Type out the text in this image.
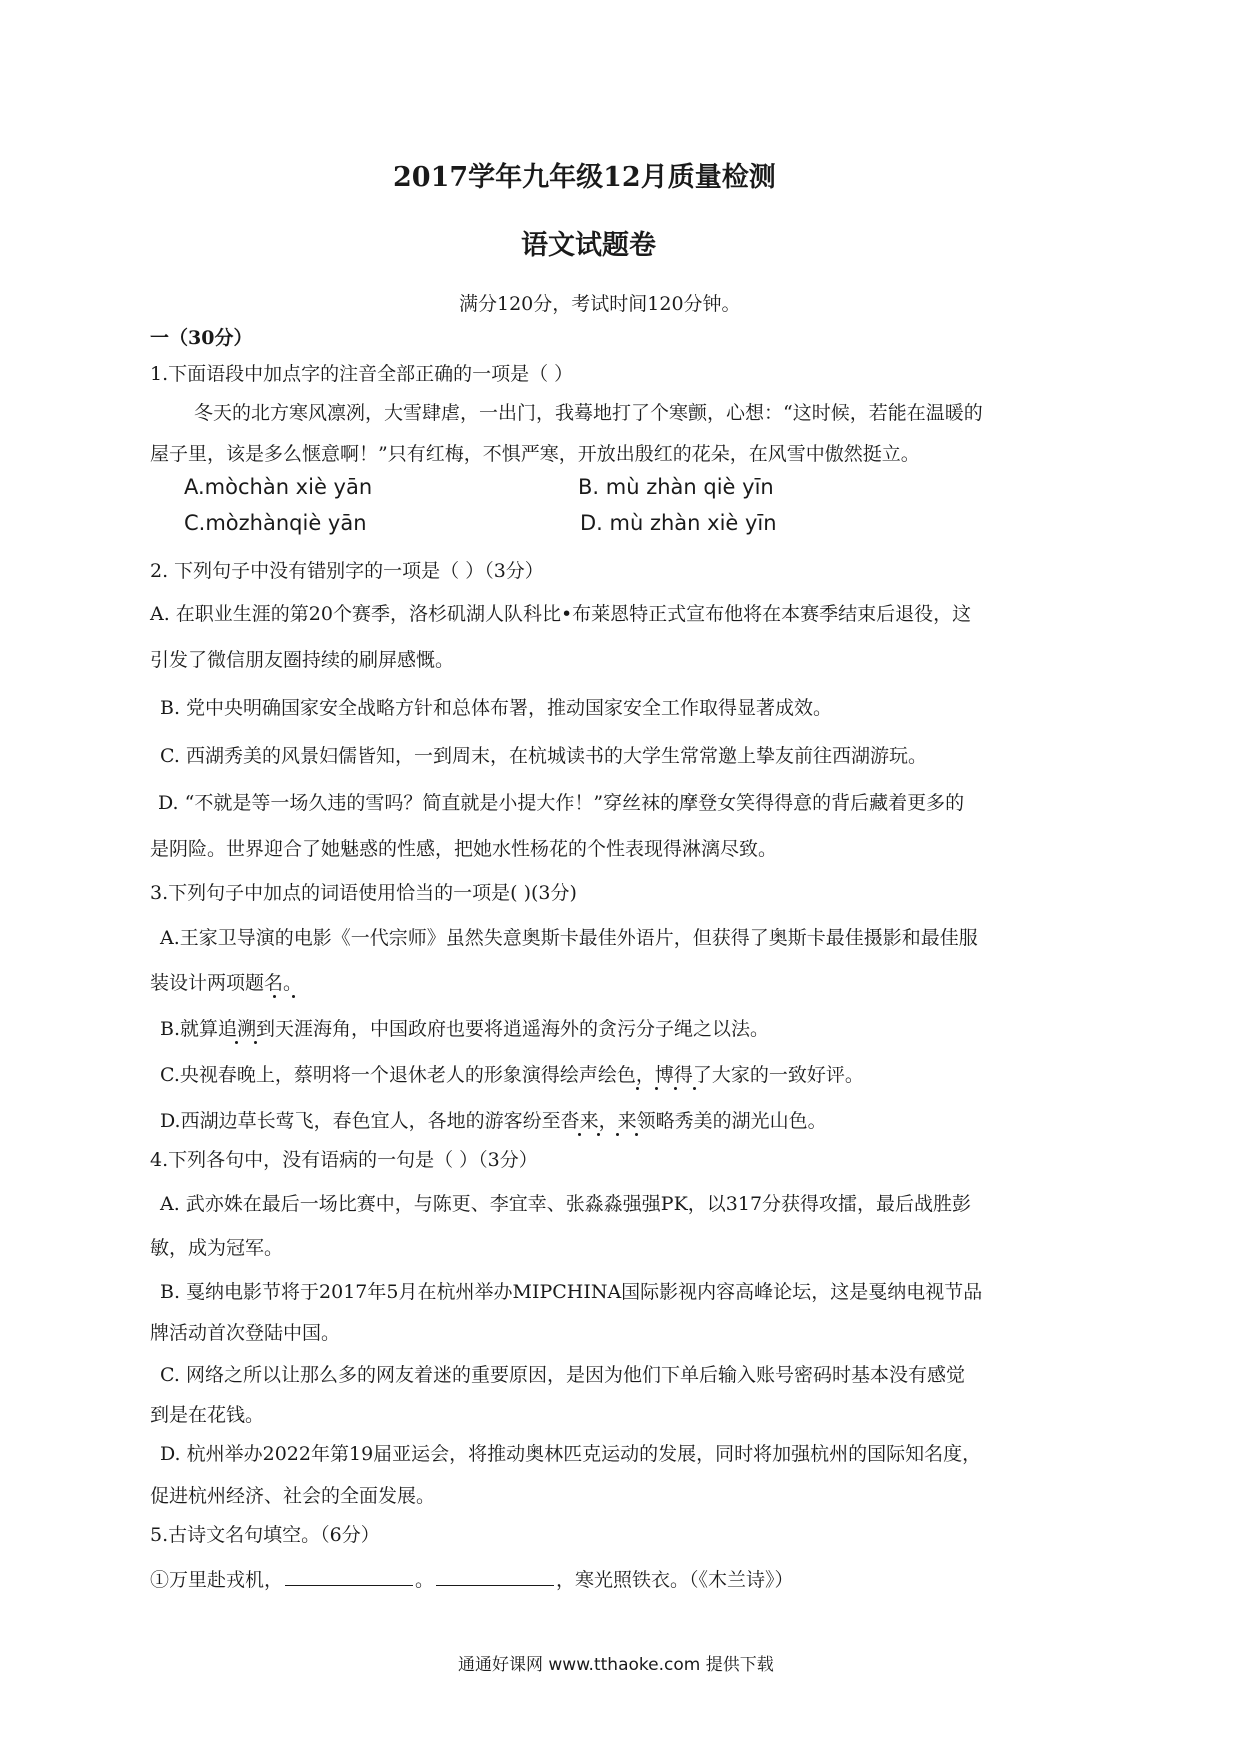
2017学年九年级12月质量检测
语文试题卷
满分120分，考试时间120分钟。
一（30分）
1.下面语段中加点字的注音全部正确的一项是（ ）
冬天的北方寒风凛冽，大雪肆虐，一出门，我蓦地打了个寒颤，心想：“这时候，若能在温暖的
屋子里，该是多么惬意啊！”只有红梅，不惧严寒，开放出殷红的花朵，在风雪中傲然挺立。
A.mòchàn xiè yān	B. mù zhàn qiè yīn
C.mòzhànqiè yān	D. mù zhàn xiè yīn
2. 下列句子中没有错别字的一项是（ ）（3分）
A. 在职业生涯的第20个赛季，洛杉矶湖人队科比•布莱恩特正式宣布他将在本赛季结束后退役，这
引发了微信朋友圈持续的刷屏感慨。
B. 党中央明确国家安全战略方针和总体布署，推动国家安全工作取得显著成效。
C. 西湖秀美的风景妇儒皆知，一到周末，在杭城读书的大学生常常邀上挚友前往西湖游玩。
D. “不就是等一场久违的雪吗？简直就是小提大作！”穿丝袜的摩登女笑得得意的背后藏着更多的
是阴险。世界迎合了她魅惑的性感，把她水性杨花的个性表现得淋漓尽致。
3.下列句子中加点的词语使用恰当的一项是( )(3分)
A.王家卫导演的电影《一代宗师》虽然失意奥斯卡最佳外语片，但获得了奥斯卡最佳摄影和最佳服
装设计两项题名。
B.就算追溯到天涯海角，中国政府也要将逍遥海外的贪污分子绳之以法。
C.央视春晚上，蔡明将一个退休老人的形象演得绘声绘色，博得了大家的一致好评。
D.西湖边草长莺飞，春色宜人，各地的游客纷至沓来，来领略秀美的湖光山色。
4.下列各句中，没有语病的一句是（ ）（3分）
A. 武亦姝在最后一场比赛中，与陈更、李宜幸、张淼淼强强PK，以317分获得攻擂，最后战胜彭
敏，成为冠军。
B. 戛纳电影节将于2017年5月在杭州举办MIPCHINA国际影视内容高峰论坛，这是戛纳电视节品
牌活动首次登陆中国。
C. 网络之所以让那么多的网友着迷的重要原因，是因为他们下单后输入账号密码时基本没有感觉
到是在花钱。
D. 杭州举办2022年第19届亚运会，将推动奥林匹克运动的发展，同时将加强杭州的国际知名度，
促进杭州经济、社会的全面发展。
5.古诗文名句填空。（6分）
①万里赴戎机，	。	，寒光照铁衣。（《木兰诗》）
通通好课网 www.tthaoke.com 提供下载
